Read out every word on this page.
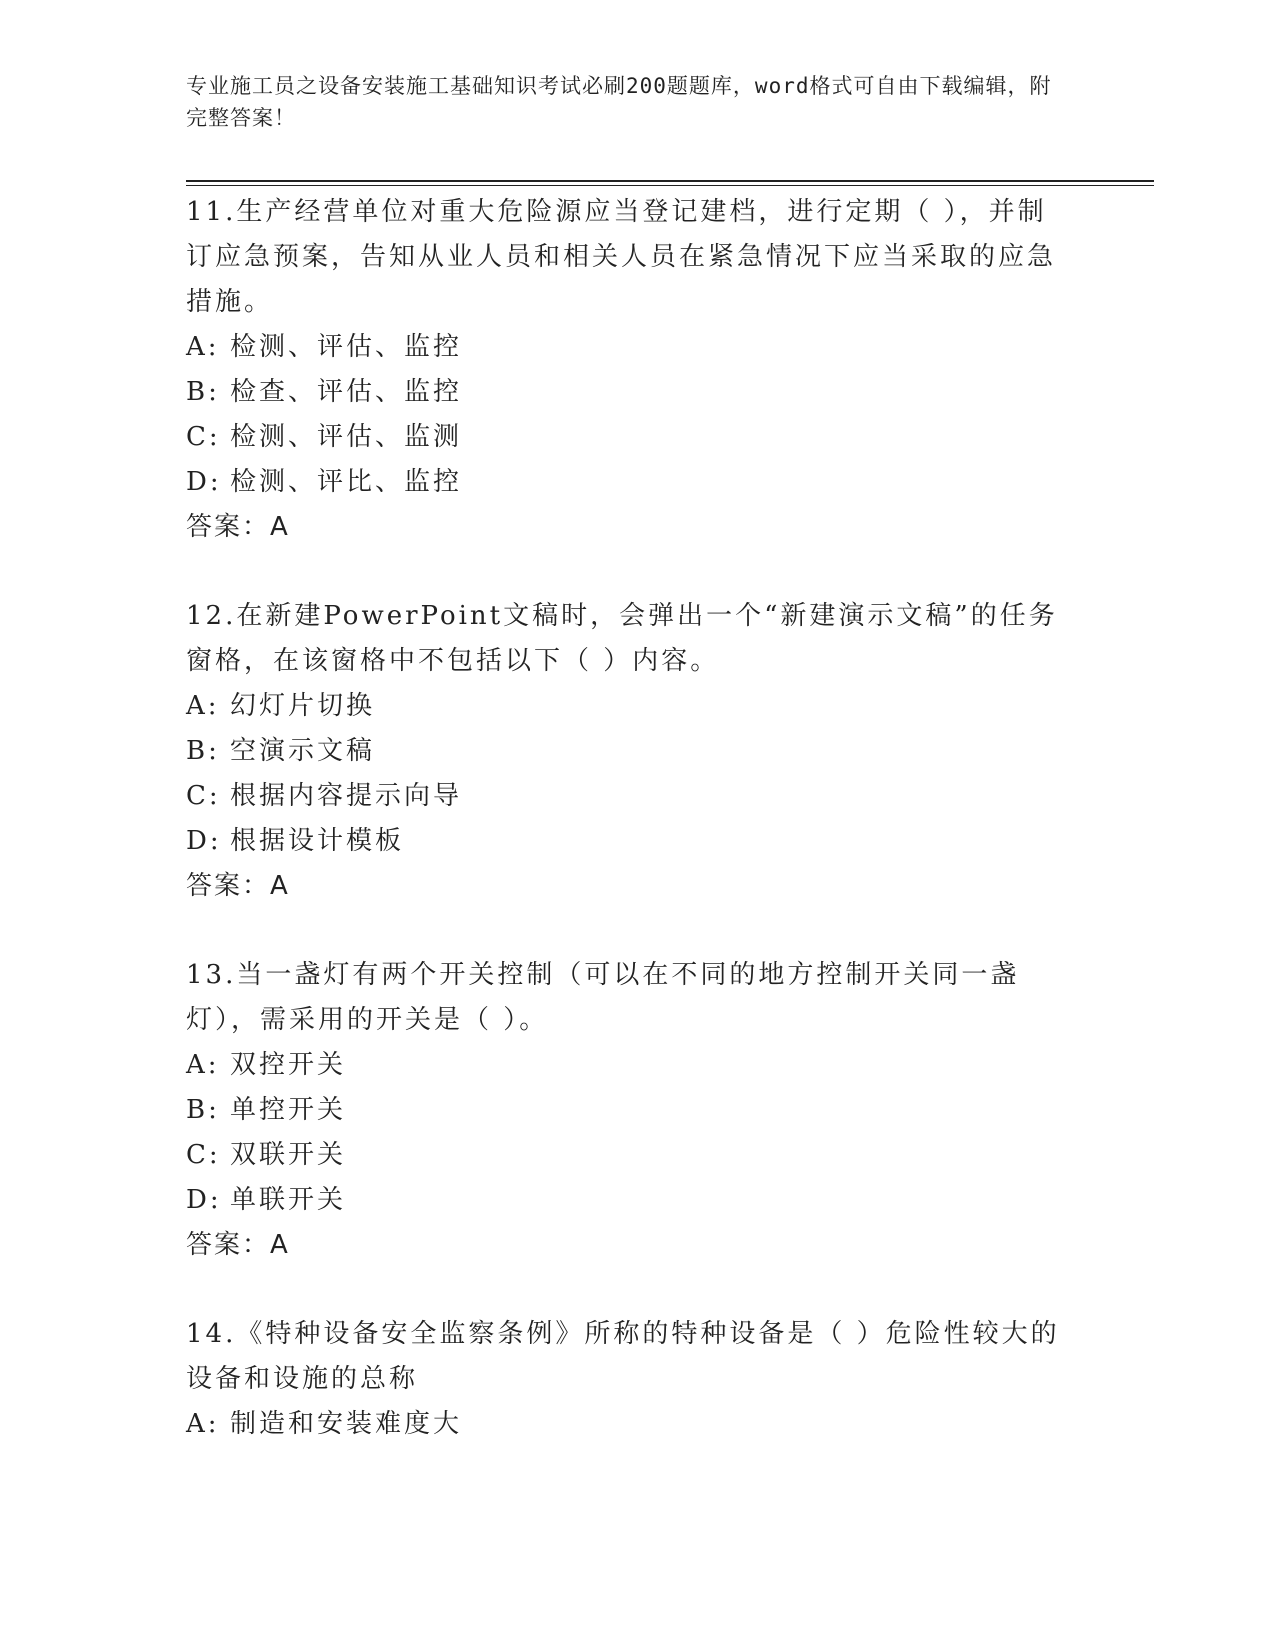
专业施工员之设备安装施工基础知识考试必刷200题题库，word格式可自由下载编辑，附完整答案！
11.生产经营单位对重大危险源应当登记建档，进行定期（ ），并制订应急预案，告知从业人员和相关人员在紧急情况下应当采取的应急措施。
A: 检测、评估、监控
B: 检查、评估、监控
C: 检测、评估、监测
D: 检测、评比、监控
答案：A
12.在新建PowerPoint文稿时，会弹出一个“新建演示文稿”的任务窗格，在该窗格中不包括以下（ ）内容。
A: 幻灯片切换
B: 空演示文稿
C: 根据内容提示向导
D: 根据设计模板
答案：A
13.当一盏灯有两个开关控制（可以在不同的地方控制开关同一盏灯），需采用的开关是（ ）。
A: 双控开关
B: 单控开关
C: 双联开关
D: 单联开关
答案：A
14.《特种设备安全监察条例》所称的特种设备是（ ）危险性较大的设备和设施的总称
A: 制造和安装难度大
